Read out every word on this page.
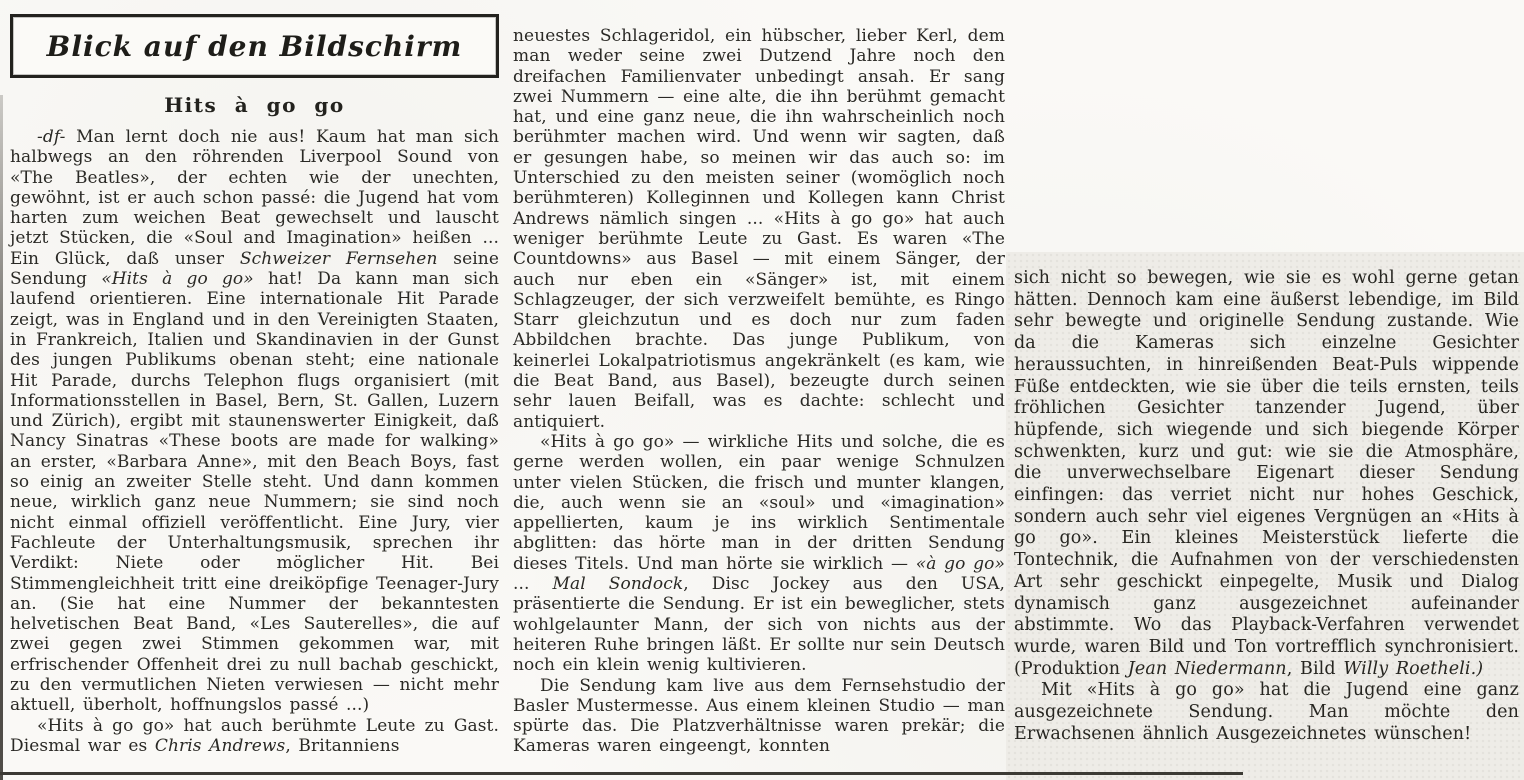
Blick auf den Bildschirm
Hits à go go

-df- Man lernt doch nie aus! Kaum hat man sich halbwegs an den röhrenden Liverpool Sound von «The Beatles», der echten wie der unechten, gewöhnt, ist er auch schon passé: die Jugend hat vom harten zum weichen Beat gewechselt und lauscht jetzt Stücken, die «Soul and Imagination» heißen ... Ein Glück, daß unser Schweizer Fernsehen seine Sendung «Hits à go go» hat! Da kann man sich laufend orientieren. Eine internationale Hit Parade zeigt, was in England und in den Vereinigten Staaten, in Frankreich, Italien und Skandinavien in der Gunst des jungen Publikums obenan steht; eine nationale Hit Parade, durchs Telephon flugs organisiert (mit Informationsstellen in Basel, Bern, St. Gallen, Luzern und Zürich), ergibt mit staunenswerter Einigkeit, daß Nancy Sinatras «These boots are made for walking» an erster, «Barbara Anne», mit den Beach Boys, fast so einig an zweiter Stelle steht. Und dann kommen neue, wirklich ganz neue Nummern; sie sind noch nicht einmal offiziell veröffentlicht. Eine Jury, vier Fachleute der Unterhaltungsmusik, sprechen ihr Verdikt: Niete oder möglicher Hit. Bei Stimmengleichheit tritt eine dreiköpfige Teenager-Jury an. (Sie hat eine Nummer der bekanntesten helvetischen Beat Band, «Les Sauterelles», die auf zwei gegen zwei Stimmen gekommen war, mit erfrischender Offenheit drei zu null bachab geschickt, zu den vermutlichen Nieten verwiesen — nicht mehr aktuell, überholt, hoffnungslos passé ...)

«Hits à go go» hat auch berühmte Leute zu Gast. Diesmal war es Chris Andrews, Britanniens

neuestes Schlageridol, ein hübscher, lieber Kerl, dem man weder seine zwei Dutzend Jahre noch den dreifachen Familienvater unbedingt ansah. Er sang zwei Nummern — eine alte, die ihn berühmt gemacht hat, und eine ganz neue, die ihn wahrscheinlich noch berühmter machen wird. Und wenn wir sagten, daß er gesungen habe, so meinen wir das auch so: im Unterschied zu den meisten seiner (womöglich noch berühmteren) Kolleginnen und Kollegen kann Christ Andrews nämlich singen ... «Hits à go go» hat auch weniger berühmte Leute zu Gast. Es waren «The Countdowns» aus Basel — mit einem Sänger, der auch nur eben ein «Sänger» ist, mit einem Schlagzeuger, der sich verzweifelt bemühte, es Ringo Starr gleichzutun und es doch nur zum faden Abbildchen brachte. Das junge Publikum, von keinerlei Lokalpatriotismus angekränkelt (es kam, wie die Beat Band, aus Basel), bezeugte durch seinen sehr lauen Beifall, was es dachte: schlecht und antiquiert.

«Hits à go go» — wirkliche Hits und solche, die es gerne werden wollen, ein paar wenige Schnulzen unter vielen Stücken, die frisch und munter klangen, die, auch wenn sie an «soul» und «imagination» appellierten, kaum je ins wirklich Sentimentale abglitten: das hörte man in der dritten Sendung dieses Titels. Und man hörte sie wirklich — «à go go» ... Mal Sondock, Disc Jockey aus den USA, präsentierte die Sendung. Er ist ein beweglicher, stets wohlgelaunter Mann, der sich von nichts aus der heiteren Ruhe bringen läßt. Er sollte nur sein Deutsch noch ein klein wenig kultivieren.

Die Sendung kam live aus dem Fernsehstudio der Basler Mustermesse. Aus einem kleinen Studio — man spürte das. Die Platzverhältnisse waren prekär; die Kameras waren eingeengt, konnten

sich nicht so bewegen, wie sie es wohl gerne getan hätten. Dennoch kam eine äußerst lebendige, im Bild sehr bewegte und originelle Sendung zustande. Wie da die Kameras sich einzelne Gesichter heraussuchten, in hinreißenden Beat-Puls wippende Füße entdeckten, wie sie über die teils ernsten, teils fröhlichen Gesichter tanzender Jugend, über hüpfende, sich wiegende und sich biegende Körper schwenkten, kurz und gut: wie sie die Atmosphäre, die unverwechselbare Eigenart dieser Sendung einfingen: das verriet nicht nur hohes Geschick, sondern auch sehr viel eigenes Vergnügen an «Hits à go go». Ein kleines Meisterstück lieferte die Tontechnik, die Aufnahmen von der verschiedensten Art sehr geschickt einpegelte, Musik und Dialog dynamisch ganz ausgezeichnet aufeinander abstimmte. Wo das Playback-Verfahren verwendet wurde, waren Bild und Ton vortrefflich synchronisiert. (Produktion Jean Niedermann, Bild Willy Roetheli.)

Mit «Hits à go go» hat die Jugend eine ganz ausgezeichnete Sendung. Man möchte den Erwachsenen ähnlich Ausgezeichnetes wünschen!
